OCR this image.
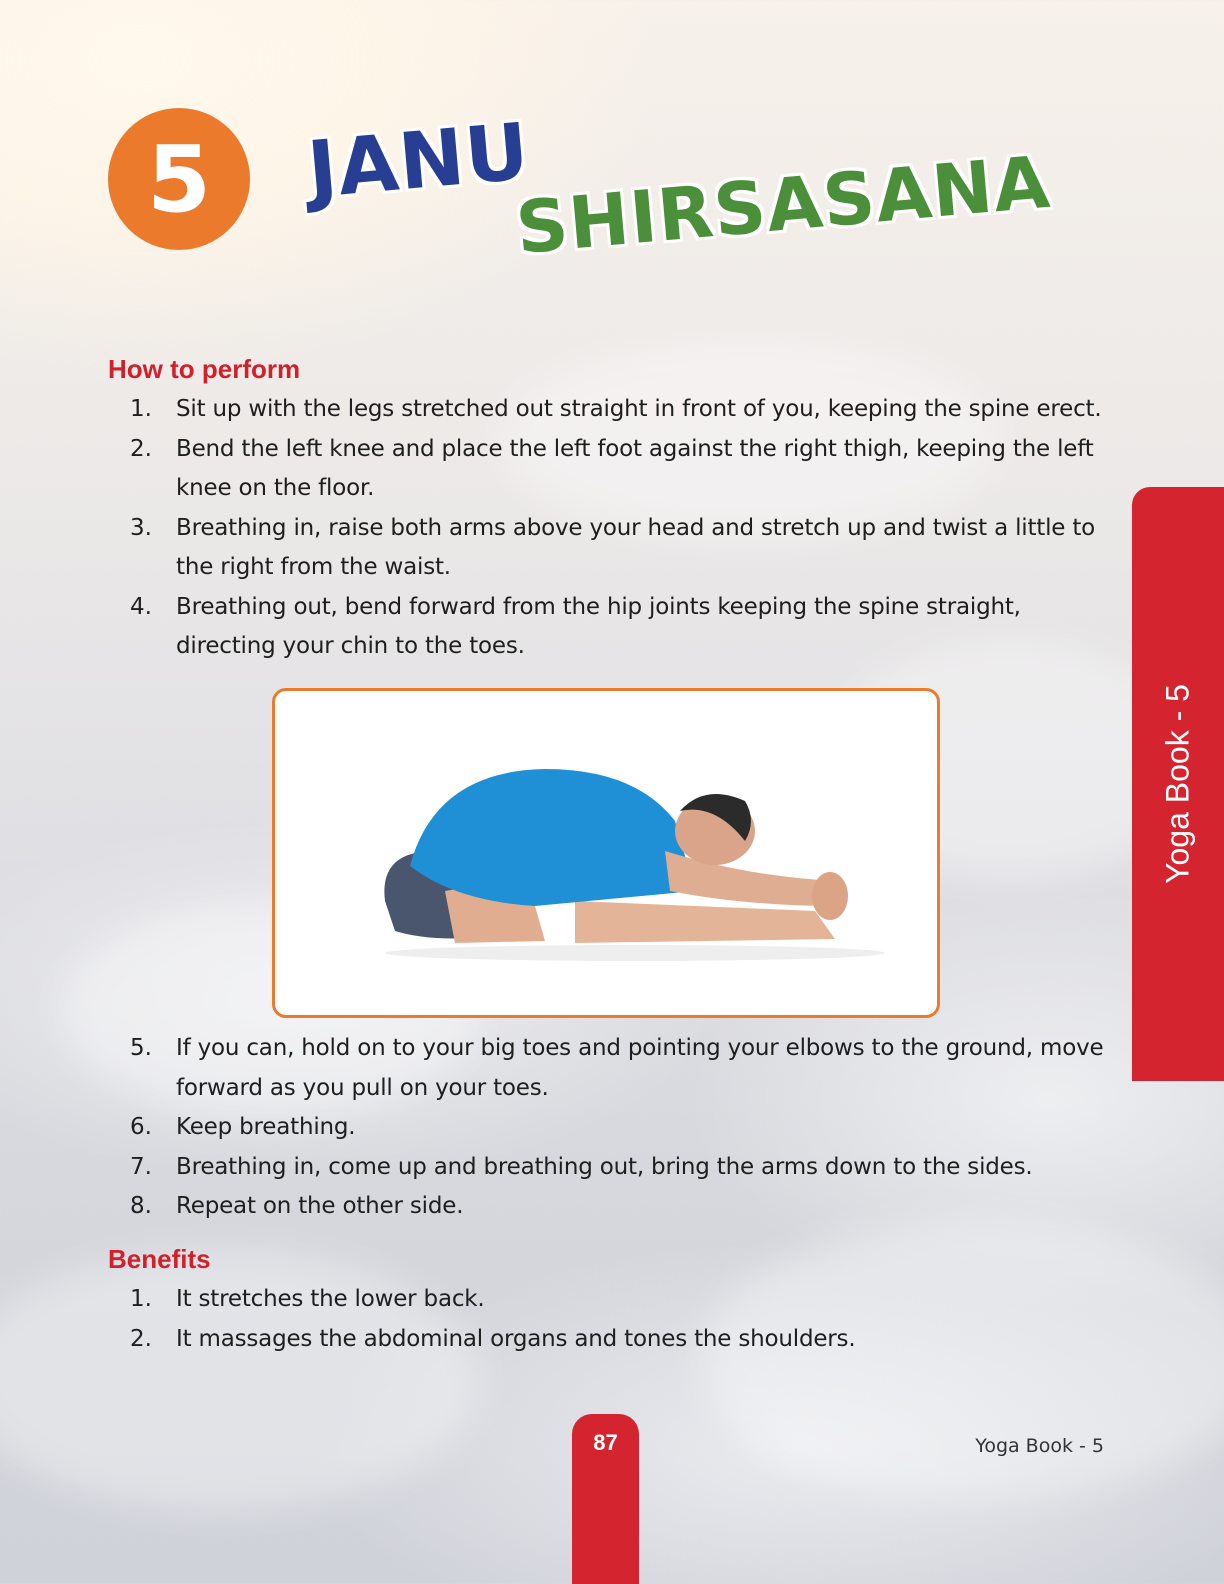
5 JANU
SHIRSASANA
How to perform
1.	Sit up with the legs stretched out straight in front of you, keeping the spine erect.
2.	Bend the left knee and place the left foot against the right thigh, keeping the left knee on the floor.
3.	Breathing in, raise both arms above your head and stretch up and twist a little to the right from the waist.
4.	Breathing out, bend forward from the hip joints keeping the spine straight, directing your chin to the toes.
5.	If you can, hold on to your big toes and pointing your elbows to the ground, move forward as you pull on your toes.
6.	Keep breathing.
7.	Breathing in, come up and breathing out, bring the arms down to the sides.
8.	Repeat on the other side.
Benefits
1.	It stretches the lower back.
2.	It massages the abdominal organs and tones the shoulders.
Yoga Book - 5
87	Yoga Book - 5
